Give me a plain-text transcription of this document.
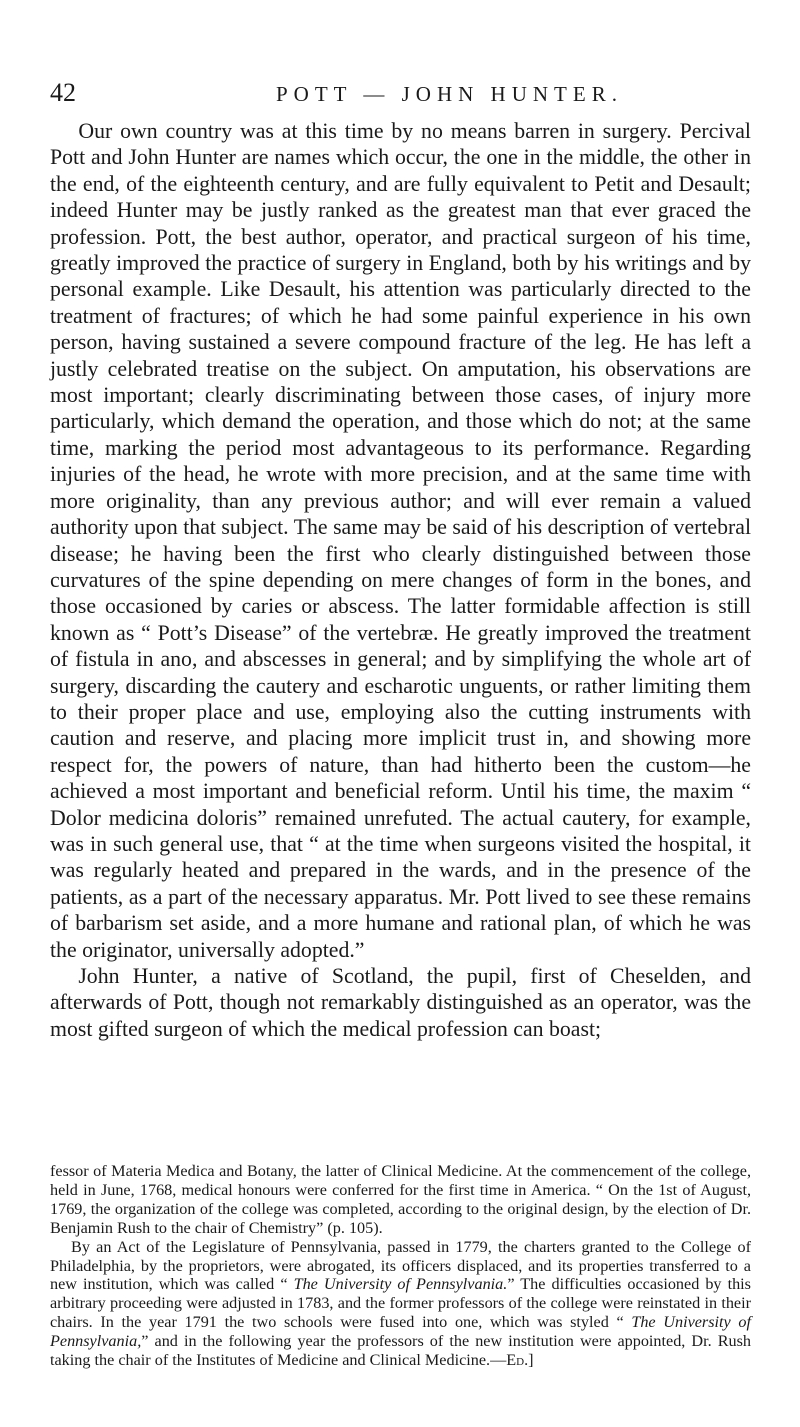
42	POTT — JOHN HUNTER.

Our own country was at this time by no means barren in surgery. Percival Pott and John Hunter are names which occur, the one in the middle, the other in the end, of the eighteenth century, and are fully equivalent to Petit and Desault; indeed Hunter may be justly ranked as the greatest man that ever graced the profession. Pott, the best author, operator, and practical surgeon of his time, greatly improved the practice of surgery in England, both by his writings and by personal example. Like Desault, his attention was particularly directed to the treatment of fractures; of which he had some painful experience in his own person, having sustained a severe compound fracture of the leg. He has left a justly celebrated treatise on the subject. On amputation, his observations are most important; clearly discriminating between those cases, of injury more particularly, which demand the operation, and those which do not; at the same time, marking the period most advantageous to its performance. Regarding injuries of the head, he wrote with more precision, and at the same time with more originality, than any previous author; and will ever remain a valued authority upon that subject. The same may be said of his description of vertebral disease; he having been the first who clearly distinguished between those curvatures of the spine depending on mere changes of form in the bones, and those occasioned by caries or abscess. The latter formidable affection is still known as “ Pott’s Disease” of the vertebræ. He greatly improved the treatment of fistula in ano, and abscesses in general; and by simplifying the whole art of surgery, discarding the cautery and escharotic unguents, or rather limiting them to their proper place and use, employing also the cutting instruments with caution and reserve, and placing more implicit trust in, and showing more respect for, the powers of nature, than had hitherto been the custom—he achieved a most important and beneficial reform. Until his time, the maxim “ Dolor medicina doloris” remained unrefuted. The actual cautery, for example, was in such general use, that “ at the time when surgeons visited the hospital, it was regularly heated and prepared in the wards, and in the presence of the patients, as a part of the necessary apparatus. Mr. Pott lived to see these remains of barbarism set aside, and a more humane and rational plan, of which he was the originator, universally adopted.”

John Hunter, a native of Scotland, the pupil, first of Cheselden, and afterwards of Pott, though not remarkably distinguished as an operator, was the most gifted surgeon of which the medical profession can boast;

fessor of Materia Medica and Botany, the latter of Clinical Medicine. At the commencement of the college, held in June, 1768, medical honours were conferred for the first time in America. “ On the 1st of August, 1769, the organization of the college was completed, according to the original design, by the election of Dr. Benjamin Rush to the chair of Chemistry” (p. 105).

By an Act of the Legislature of Pennsylvania, passed in 1779, the charters granted to the College of Philadelphia, by the proprietors, were abrogated, its officers displaced, and its properties transferred to a new institution, which was called “ The University of Pennsylvania.” The difficulties occasioned by this arbitrary proceeding were adjusted in 1783, and the former professors of the college were reinstated in their chairs. In the year 1791 the two schools were fused into one, which was styled “ The University of Pennsylvania,” and in the following year the professors of the new institution were appointed, Dr. Rush taking the chair of the Institutes of Medicine and Clinical Medicine.—Ed.]
